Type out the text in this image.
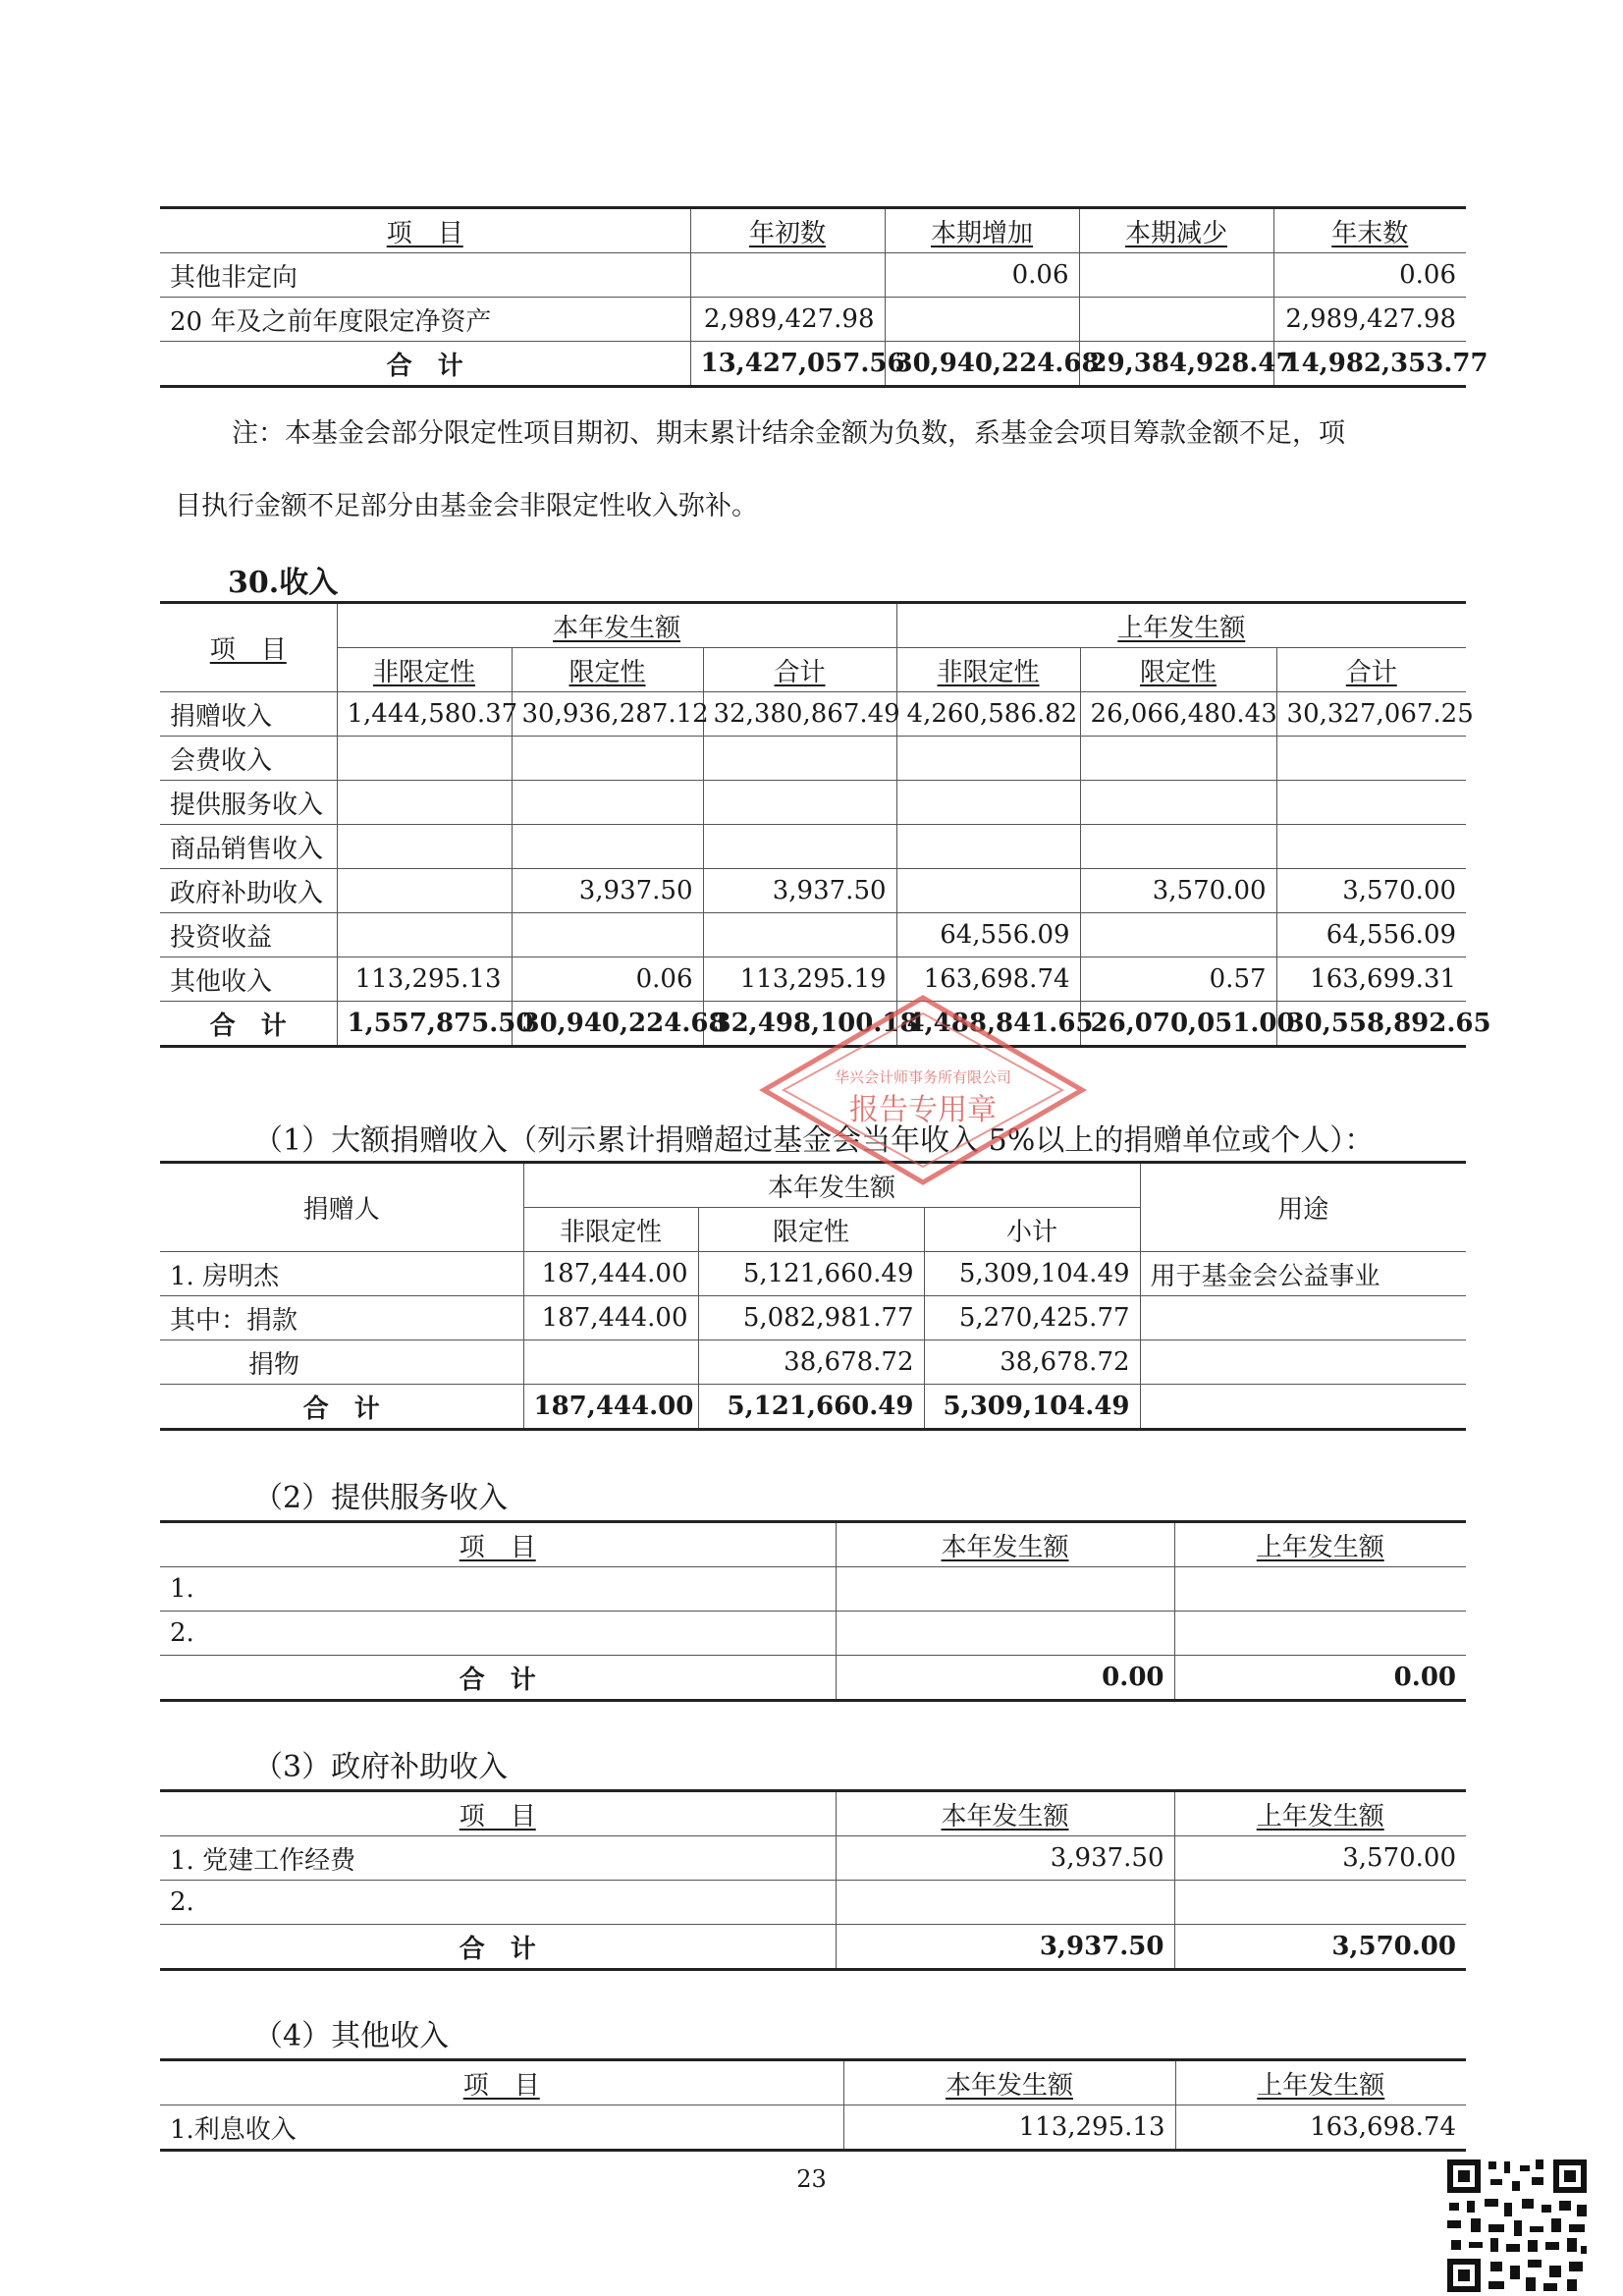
项　目	年初数	本期增加	本期减少	年末数
其他非定向		0.06		0.06
20 年及之前年度限定净资产	2,989,427.98			2,989,427.98
合　计	13,427,057.56	30,940,224.68	29,384,928.47	14,982,353.77
注：本基金会部分限定性项目期初、期末累计结余金额为负数，系基金会项目筹款金额不足，项
目执行金额不足部分由基金会非限定性收入弥补。
30.收入
项　目	本年发生额			上年发生额		
	非限定性	限定性	合计	非限定性	限定性	合计
捐赠收入	1,444,580.37	30,936,287.12	32,380,867.49	4,260,586.82	26,066,480.43	30,327,067.25
会费收入						
提供服务收入						
商品销售收入						
政府补助收入		3,937.50	3,937.50		3,570.00	3,570.00
投资收益				64,556.09		64,556.09
其他收入	113,295.13	0.06	113,295.19	163,698.74	0.57	163,699.31
合　计	1,557,875.50	30,940,224.68	32,498,100.18	4,488,841.65	26,070,051.00	30,558,892.65
（1）大额捐赠收入（列示累计捐赠超过基金会当年收入 5%以上的捐赠单位或个人）：
捐赠人	本年发生额			用途
	非限定性	限定性	小计	
1. 房明杰	187,444.00	5,121,660.49	5,309,104.49	用于基金会公益事业
其中：捐款	187,444.00	5,082,981.77	5,270,425.77	
捐物		38,678.72	38,678.72	
合　计	187,444.00	5,121,660.49	5,309,104.49	
（2）提供服务收入
项　目	本年发生额	上年发生额
1.		
2.		
合　计	0.00	0.00
（3）政府补助收入
项　目	本年发生额	上年发生额
1. 党建工作经费	3,937.50	3,570.00
2.		
合　计	3,937.50	3,570.00
（4）其他收入
项　目	本年发生额	上年发生额
1.利息收入	113,295.13	163,698.74
华兴会计师事务所有限公司
报告专用章
23
